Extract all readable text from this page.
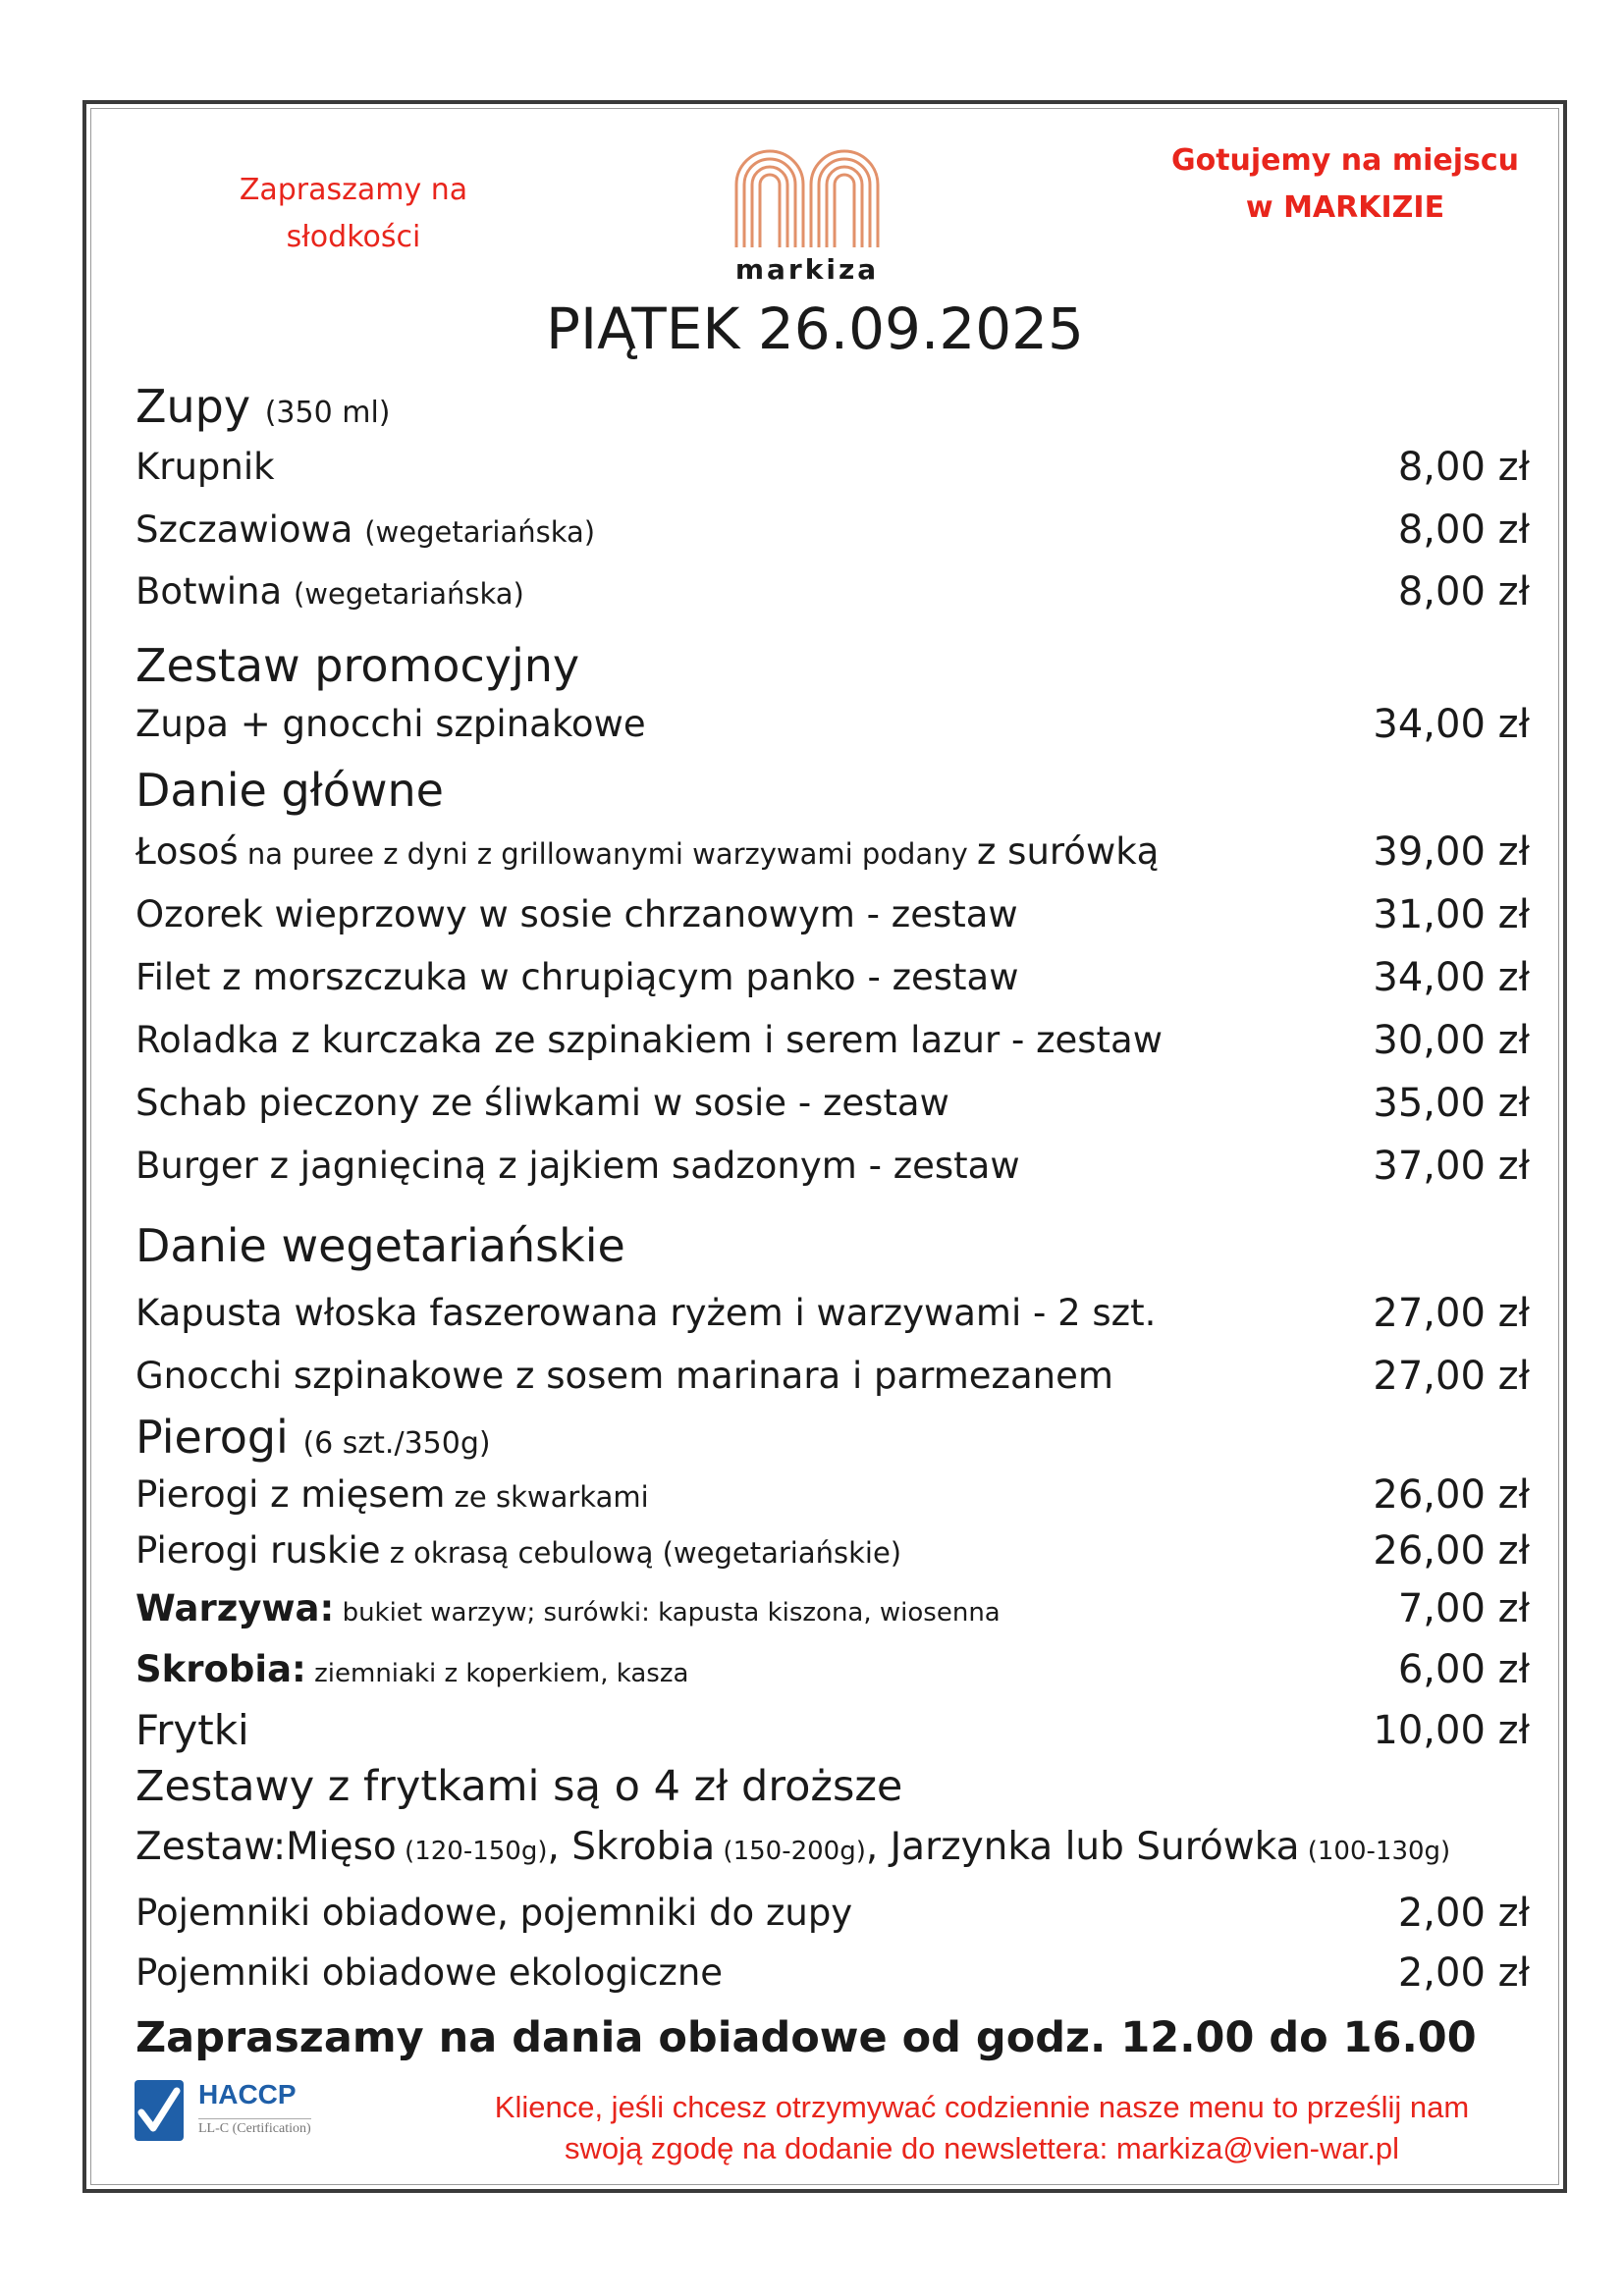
Zapraszamy na
słodkości
markiza
Gotujemy na miejscu
w MARKIZIE
PIĄTEK 26.09.2025
Zupy (350 ml)
Krupnik	8,00 zł
Szczawiowa (wegetariańska)	8,00 zł
Botwina (wegetariańska)	8,00 zł
Zestaw promocyjny
Zupa + gnocchi szpinakowe	34,00 zł
Danie główne
Łosoś na puree z dyni z grillowanymi warzywami podany z surówką	39,00 zł
Ozorek wieprzowy w sosie chrzanowym - zestaw	31,00 zł
Filet z morszczuka w chrupiącym panko - zestaw	34,00 zł
Roladka z kurczaka ze szpinakiem i serem lazur - zestaw	30,00 zł
Schab pieczony ze śliwkami w sosie - zestaw	35,00 zł
Burger z jagnięciną z jajkiem sadzonym - zestaw	37,00 zł
Danie wegetariańskie
Kapusta włoska faszerowana ryżem i warzywami - 2 szt.	27,00 zł
Gnocchi szpinakowe z sosem marinara i parmezanem	27,00 zł
Pierogi (6 szt./350g)
Pierogi z mięsem ze skwarkami	26,00 zł
Pierogi ruskie z okrasą cebulową (wegetariańskie)	26,00 zł
Warzywa: bukiet warzyw; surówki: kapusta kiszona, wiosenna	7,00 zł
Skrobia: ziemniaki z koperkiem, kasza	6,00 zł
Frytki	10,00 zł
Zestawy z frytkami są o 4 zł droższe
Zestaw:Mięso (120-150g), Skrobia (150-200g), Jarzynka lub Surówka (100-130g)
Pojemniki obiadowe, pojemniki do zupy	2,00 zł
Pojemniki obiadowe ekologiczne	2,00 zł
Zapraszamy na dania obiadowe od godz. 12.00 do 16.00
HACCP
LL-C (Certification)
Klience, jeśli chcesz otrzymywać codziennie nasze menu to prześlij nam
swoją zgodę na dodanie do newslettera: markiza@vien-war.pl
